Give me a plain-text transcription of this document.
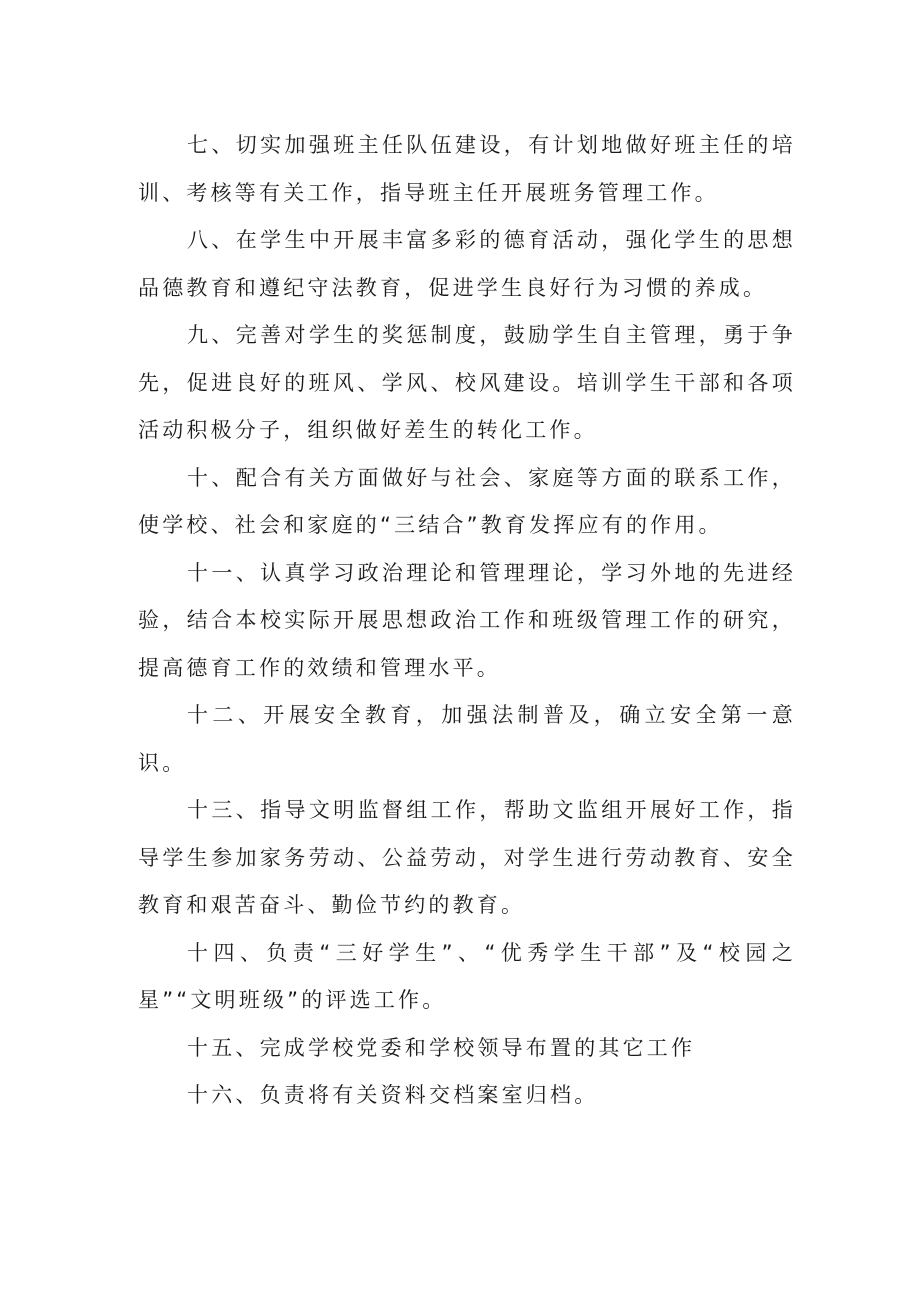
七、切实加强班主任队伍建设，有计划地做好班主任的培训、考核等有关工作，指导班主任开展班务管理工作。

八、在学生中开展丰富多彩的德育活动，强化学生的思想品德教育和遵纪守法教育，促进学生良好行为习惯的养成。

九、完善对学生的奖惩制度，鼓励学生自主管理，勇于争先，促进良好的班风、学风、校风建设。培训学生干部和各项活动积极分子，组织做好差生的转化工作。

十、配合有关方面做好与社会、家庭等方面的联系工作，使学校、社会和家庭的“三结合”教育发挥应有的作用。

十一、认真学习政治理论和管理理论，学习外地的先进经验，结合本校实际开展思想政治工作和班级管理工作的研究，提高德育工作的效绩和管理水平。

十二、开展安全教育，加强法制普及，确立安全第一意识。

十三、指导文明监督组工作，帮助文监组开展好工作，指导学生参加家务劳动、公益劳动，对学生进行劳动教育、安全教育和艰苦奋斗、勤俭节约的教育。

十四、负责“三好学生”、“优秀学生干部”及“校园之星”“文明班级”的评选工作。

十五、完成学校党委和学校领导布置的其它工作

十六、负责将有关资料交档案室归档。
